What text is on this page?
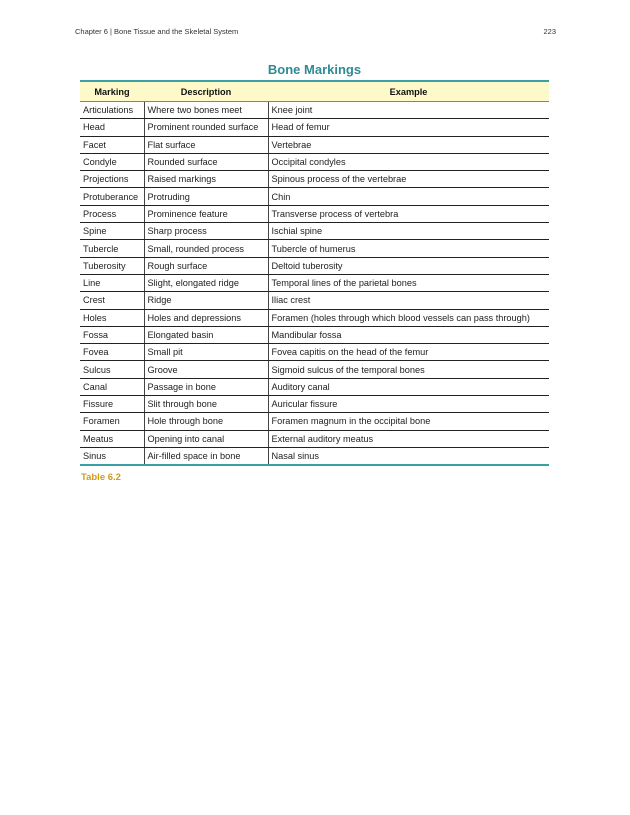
Chapter 6 | Bone Tissue and the Skeletal System	223
Bone Markings
Marking	Description	Example
Articulations	Where two bones meet	Knee joint
Head	Prominent rounded surface	Head of femur
Facet	Flat surface	Vertebrae
Condyle	Rounded surface	Occipital condyles
Projections	Raised markings	Spinous process of the vertebrae
Protuberance	Protruding	Chin
Process	Prominence feature	Transverse process of vertebra
Spine	Sharp process	Ischial spine
Tubercle	Small, rounded process	Tubercle of humerus
Tuberosity	Rough surface	Deltoid tuberosity
Line	Slight, elongated ridge	Temporal lines of the parietal bones
Crest	Ridge	Iliac crest
Holes	Holes and depressions	Foramen (holes through which blood vessels can pass through)
Fossa	Elongated basin	Mandibular fossa
Fovea	Small pit	Fovea capitis on the head of the femur
Sulcus	Groove	Sigmoid sulcus of the temporal bones
Canal	Passage in bone	Auditory canal
Fissure	Slit through bone	Auricular fissure
Foramen	Hole through bone	Foramen magnum in the occipital bone
Meatus	Opening into canal	External auditory meatus
Sinus	Air-filled space in bone	Nasal sinus
Table 6.2
